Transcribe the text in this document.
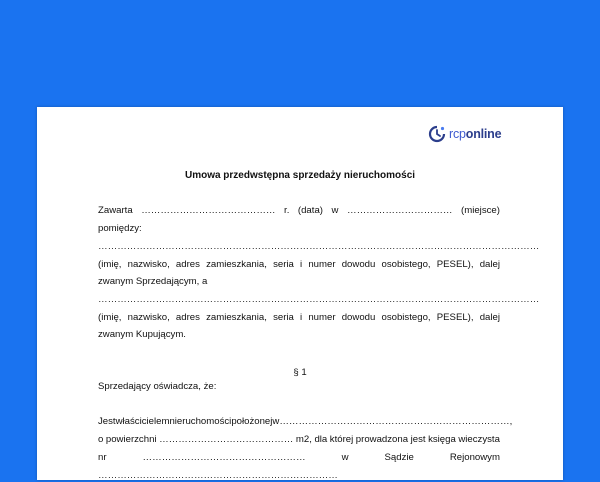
rcponline
Umowa przedwstępna sprzedaży nieruchomości
Zawarta …………………………………… r. (data) w …………………………… (miejsce)
pomiędzy:
…………………………………………………………………………………………………………………………
(imię, nazwisko, adres zamieszkania, seria i numer dowodu osobistego, PESEL), dalej
zwanym Sprzedającym, a
…………………………………………………………………………………………………………………………
(imię, nazwisko, adres zamieszkania, seria i numer dowodu osobistego, PESEL), dalej
zwanym Kupującym.
§ 1
Sprzedający oświadcza, że:
Jest właścicielem nieruchomości położonej w ………………………………………………………………,
o powierzchni …………………………………… m2, dla której prowadzona jest księga wieczysta
nr	……………………………………………	w	Sądzie	Rejonowym
…………………………………………………………………
